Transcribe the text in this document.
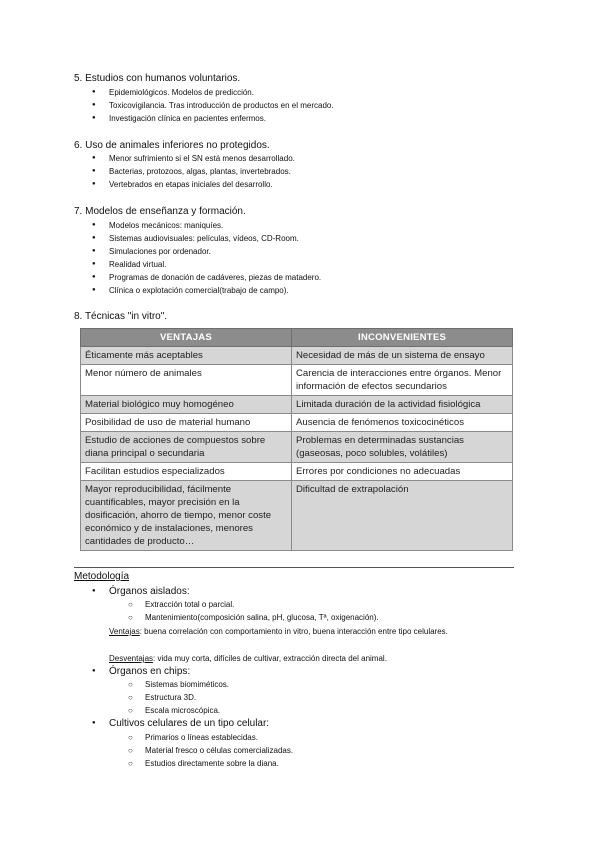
5. Estudios con humanos voluntarios.
● Epidemiológicos. Modelos de predicción.
● Toxicovigilancia. Tras introducción de productos en el mercado.
● Investigación clínica en pacientes enfermos.
6. Uso de animales inferiores no protegidos.
● Menor sufrimiento si el SN está menos desarrollado.
● Bacterias, protozoos, algas, plantas, invertebrados.
● Vertebrados en etapas iniciales del desarrollo.
7. Modelos de enseñanza y formación.
● Modelos mecánicos: maniquíes.
● Sistemas audiovisuales: películas, vídeos, CD-Room.
● Simulaciones por ordenador.
● Realidad virtual.
● Programas de donación de cadáveres, piezas de matadero.
● Clínica o explotación comercial(trabajo de campo).
8. Técnicas "in vitro".
VENTAJAS	INCONVENIENTES
Éticamente más aceptables	Necesidad de más de un sistema de ensayo
Menor número de animales	Carencia de interacciones entre órganos. Menor información de efectos secundarios
Material biológico muy homogéneo	Limitada duración de la actividad fisiológica
Posibilidad de uso de material humano	Ausencia de fenómenos toxicocinéticos
Estudio de acciones de compuestos sobre diana principal o secundaria	Problemas en determinadas sustancias (gaseosas, poco solubles, volátiles)
Facilitan estudios especializados	Errores por condiciones no adecuadas
Mayor reproducibilidad, fácilmente cuantificables, mayor precisión en la dosificación, ahorro de tiempo, menor coste económico y de instalaciones, menores cantidades de producto…	Dificultad de extrapolación
Metodología
● Órganos aislados:
○ Extracción total o parcial.
○ Mantenimiento(composición salina, pH, glucosa, Tª, oxigenación).
Ventajas: buena correlación con comportamiento in vitro, buena interacción entre tipo celulares.
Desventajas: vida muy corta, difíciles de cultivar, extracción directa del animal.
● Órganos en chips:
○ Sistemas biomiméticos.
○ Estructura 3D.
○ Escala microscópica.
● Cultivos celulares de un tipo celular:
○ Primarios o líneas establecidas.
○ Material fresco o células comercializadas.
○ Estudios directamente sobre la diana.
